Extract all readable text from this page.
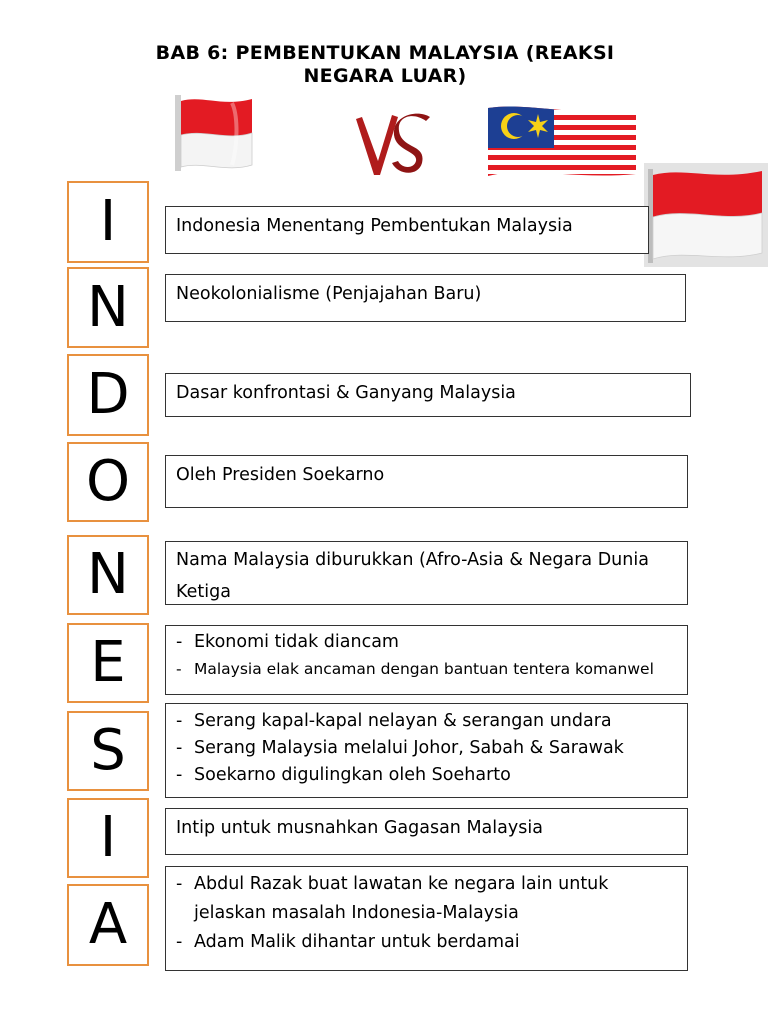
BAB 6: PEMBENTUKAN MALAYSIA (REAKSI NEGARA LUAR)
I
N
D
O
N
E
S
I
A
Indonesia Menentang Pembentukan Malaysia
Neokolonialisme (Penjajahan Baru)
Dasar konfrontasi & Ganyang Malaysia
Oleh Presiden Soekarno
Nama Malaysia diburukkan (Afro-Asia & Negara Dunia Ketiga
- Ekonomi tidak diancam
- Malaysia elak ancaman dengan bantuan tentera komanwel
- Serang kapal-kapal nelayan & serangan undara
- Serang Malaysia melalui Johor, Sabah & Sarawak
- Soekarno digulingkan oleh Soeharto
Intip untuk musnahkan Gagasan Malaysia
- Abdul Razak buat lawatan ke negara lain untuk
jelaskan masalah Indonesia-Malaysia
- Adam Malik dihantar untuk berdamai
